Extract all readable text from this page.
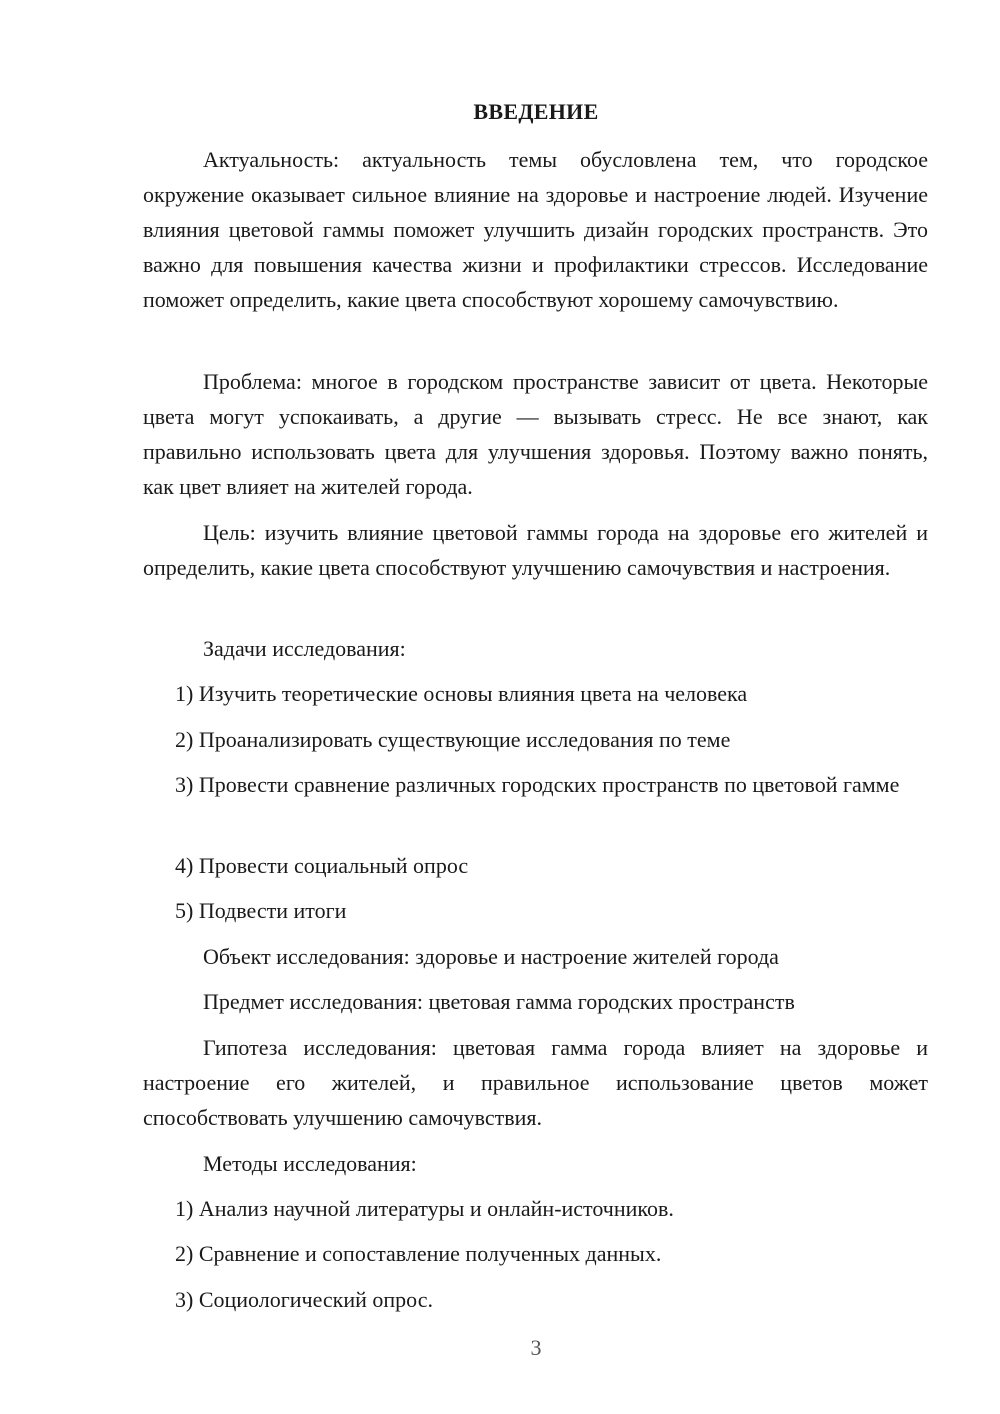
ВВЕДЕНИЕ

Актуальность: актуальность темы обусловлена тем, что городское окружение оказывает сильное влияние на здоровье и настроение людей. Изучение влияния цветовой гаммы поможет улучшить дизайн городских пространств. Это важно для повышения качества жизни и профилактики стрессов. Исследование поможет определить, какие цвета способствуют хорошему самочувствию.

Проблема: многое в городском пространстве зависит от цвета. Некоторые цвета могут успокаивать, а другие — вызывать стресс. Не все знают, как правильно использовать цвета для улучшения здоровья. Поэтому важно понять, как цвет влияет на жителей города.

Цель: изучить влияние цветовой гаммы города на здоровье его жителей и определить, какие цвета способствуют улучшению самочувствия и настроения.

Задачи исследования:

1) Изучить теоретические основы влияния цвета на человека

2) Проанализировать существующие исследования по теме

3) Провести сравнение различных городских пространств по цветовой гамме

4) Провести социальный опрос

5) Подвести итоги

Объект исследования: здоровье и настроение жителей города

Предмет исследования: цветовая гамма городских пространств

Гипотеза исследования: цветовая гамма города влияет на здоровье и настроение его жителей, и правильное использование цветов может способствовать улучшению самочувствия.

Методы исследования:

1) Анализ научной литературы и онлайн-источников.

2) Сравнение и сопоставление полученных данных.

3) Социологический опрос.

3
